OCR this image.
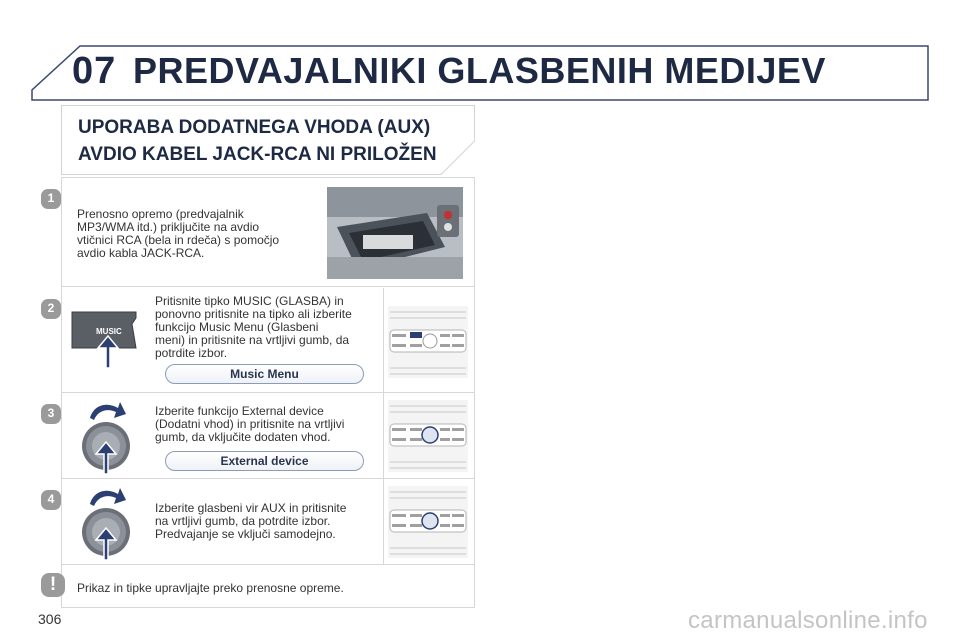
07 PREDVAJALNIKI GLASBENIH MEDIJEV
UPORABA DODATNEGA VHODA (AUX)
AVDIO KABEL JACK-RCA NI PRILOŽEN
Prenosno opremo (predvajalnik
MP3/WMA itd.) priključite na avdio
vtičnici RCA (bela in rdeča) s pomočjo
avdio kabla JACK-RCA.
1
Pritisnite tipko MUSIC (GLASBA) in
ponovno pritisnite na tipko ali izberite
funkcijo Music Menu (Glasbeni
meni) in pritisnite na vrtljivi gumb, da
potrdite izbor.
2
MUSIC
Music Menu
Izberite funkcijo External device
(Dodatni vhod) in pritisnite na vrtljivi
gumb, da vključite dodaten vhod.
3
External device
Izberite glasbeni vir AUX in pritisnite
na vrtljivi gumb, da potrdite izbor.
Predvajanje se vključi samodejno.
4
Prikaz in tipke upravljajte preko prenosne opreme.
!
306	carmanualsonline.info
